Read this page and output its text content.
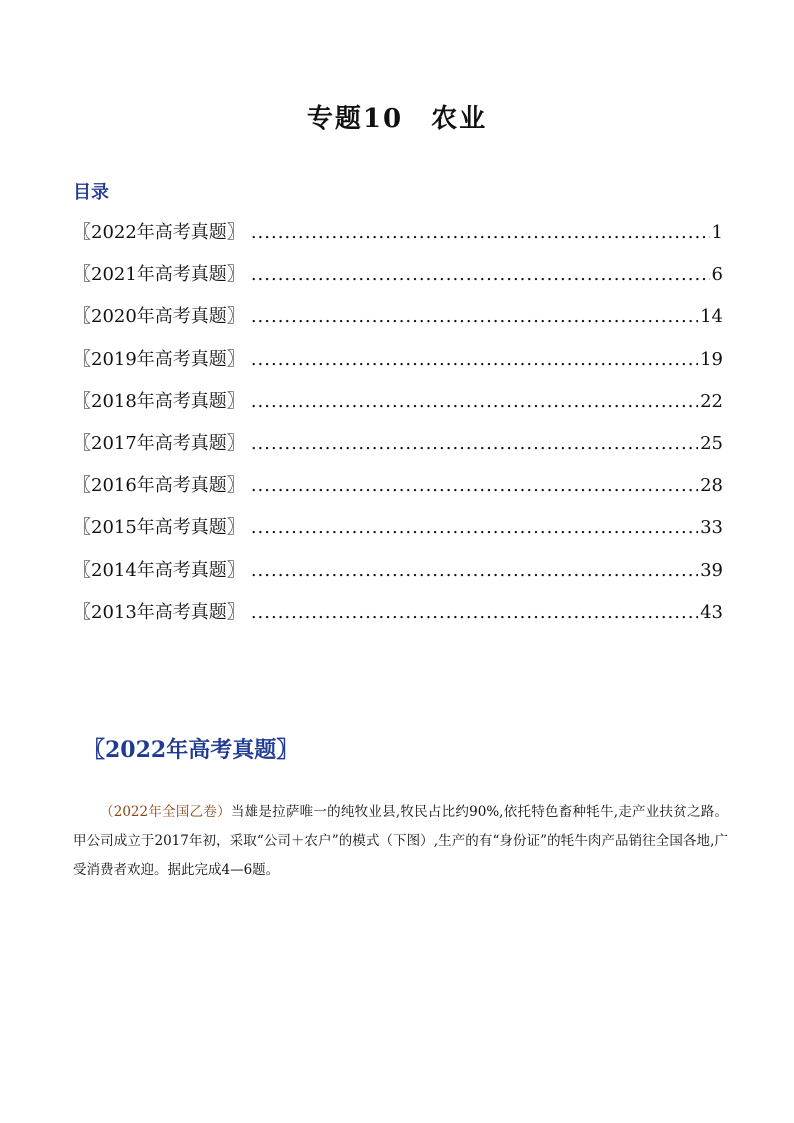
专题10　农业
目录
〖2022年高考真题〗 .....	1
〖2021年高考真题〗 .....	6
〖2020年高考真题〗 .....	14
〖2019年高考真题〗 .....	19
〖2018年高考真题〗 .....	22
〖2017年高考真题〗 .....	25
〖2016年高考真题〗 .....	28
〖2015年高考真题〗 .....	33
〖2014年高考真题〗 .....	39
〖2013年高考真题〗 .....	43
〖2022年高考真题〗

（2022年全国乙卷）当雄是拉萨唯一的纯牧业县,牧民占比约90%,依托特色畜种牦牛,走产业扶贫之路。甲公司成立于2017年初，采取“公司＋农户”的模式（下图）,生产的有“身份证”的牦牛肉产品销往全国各地,广受消费者欢迎。据此完成4—6题。
